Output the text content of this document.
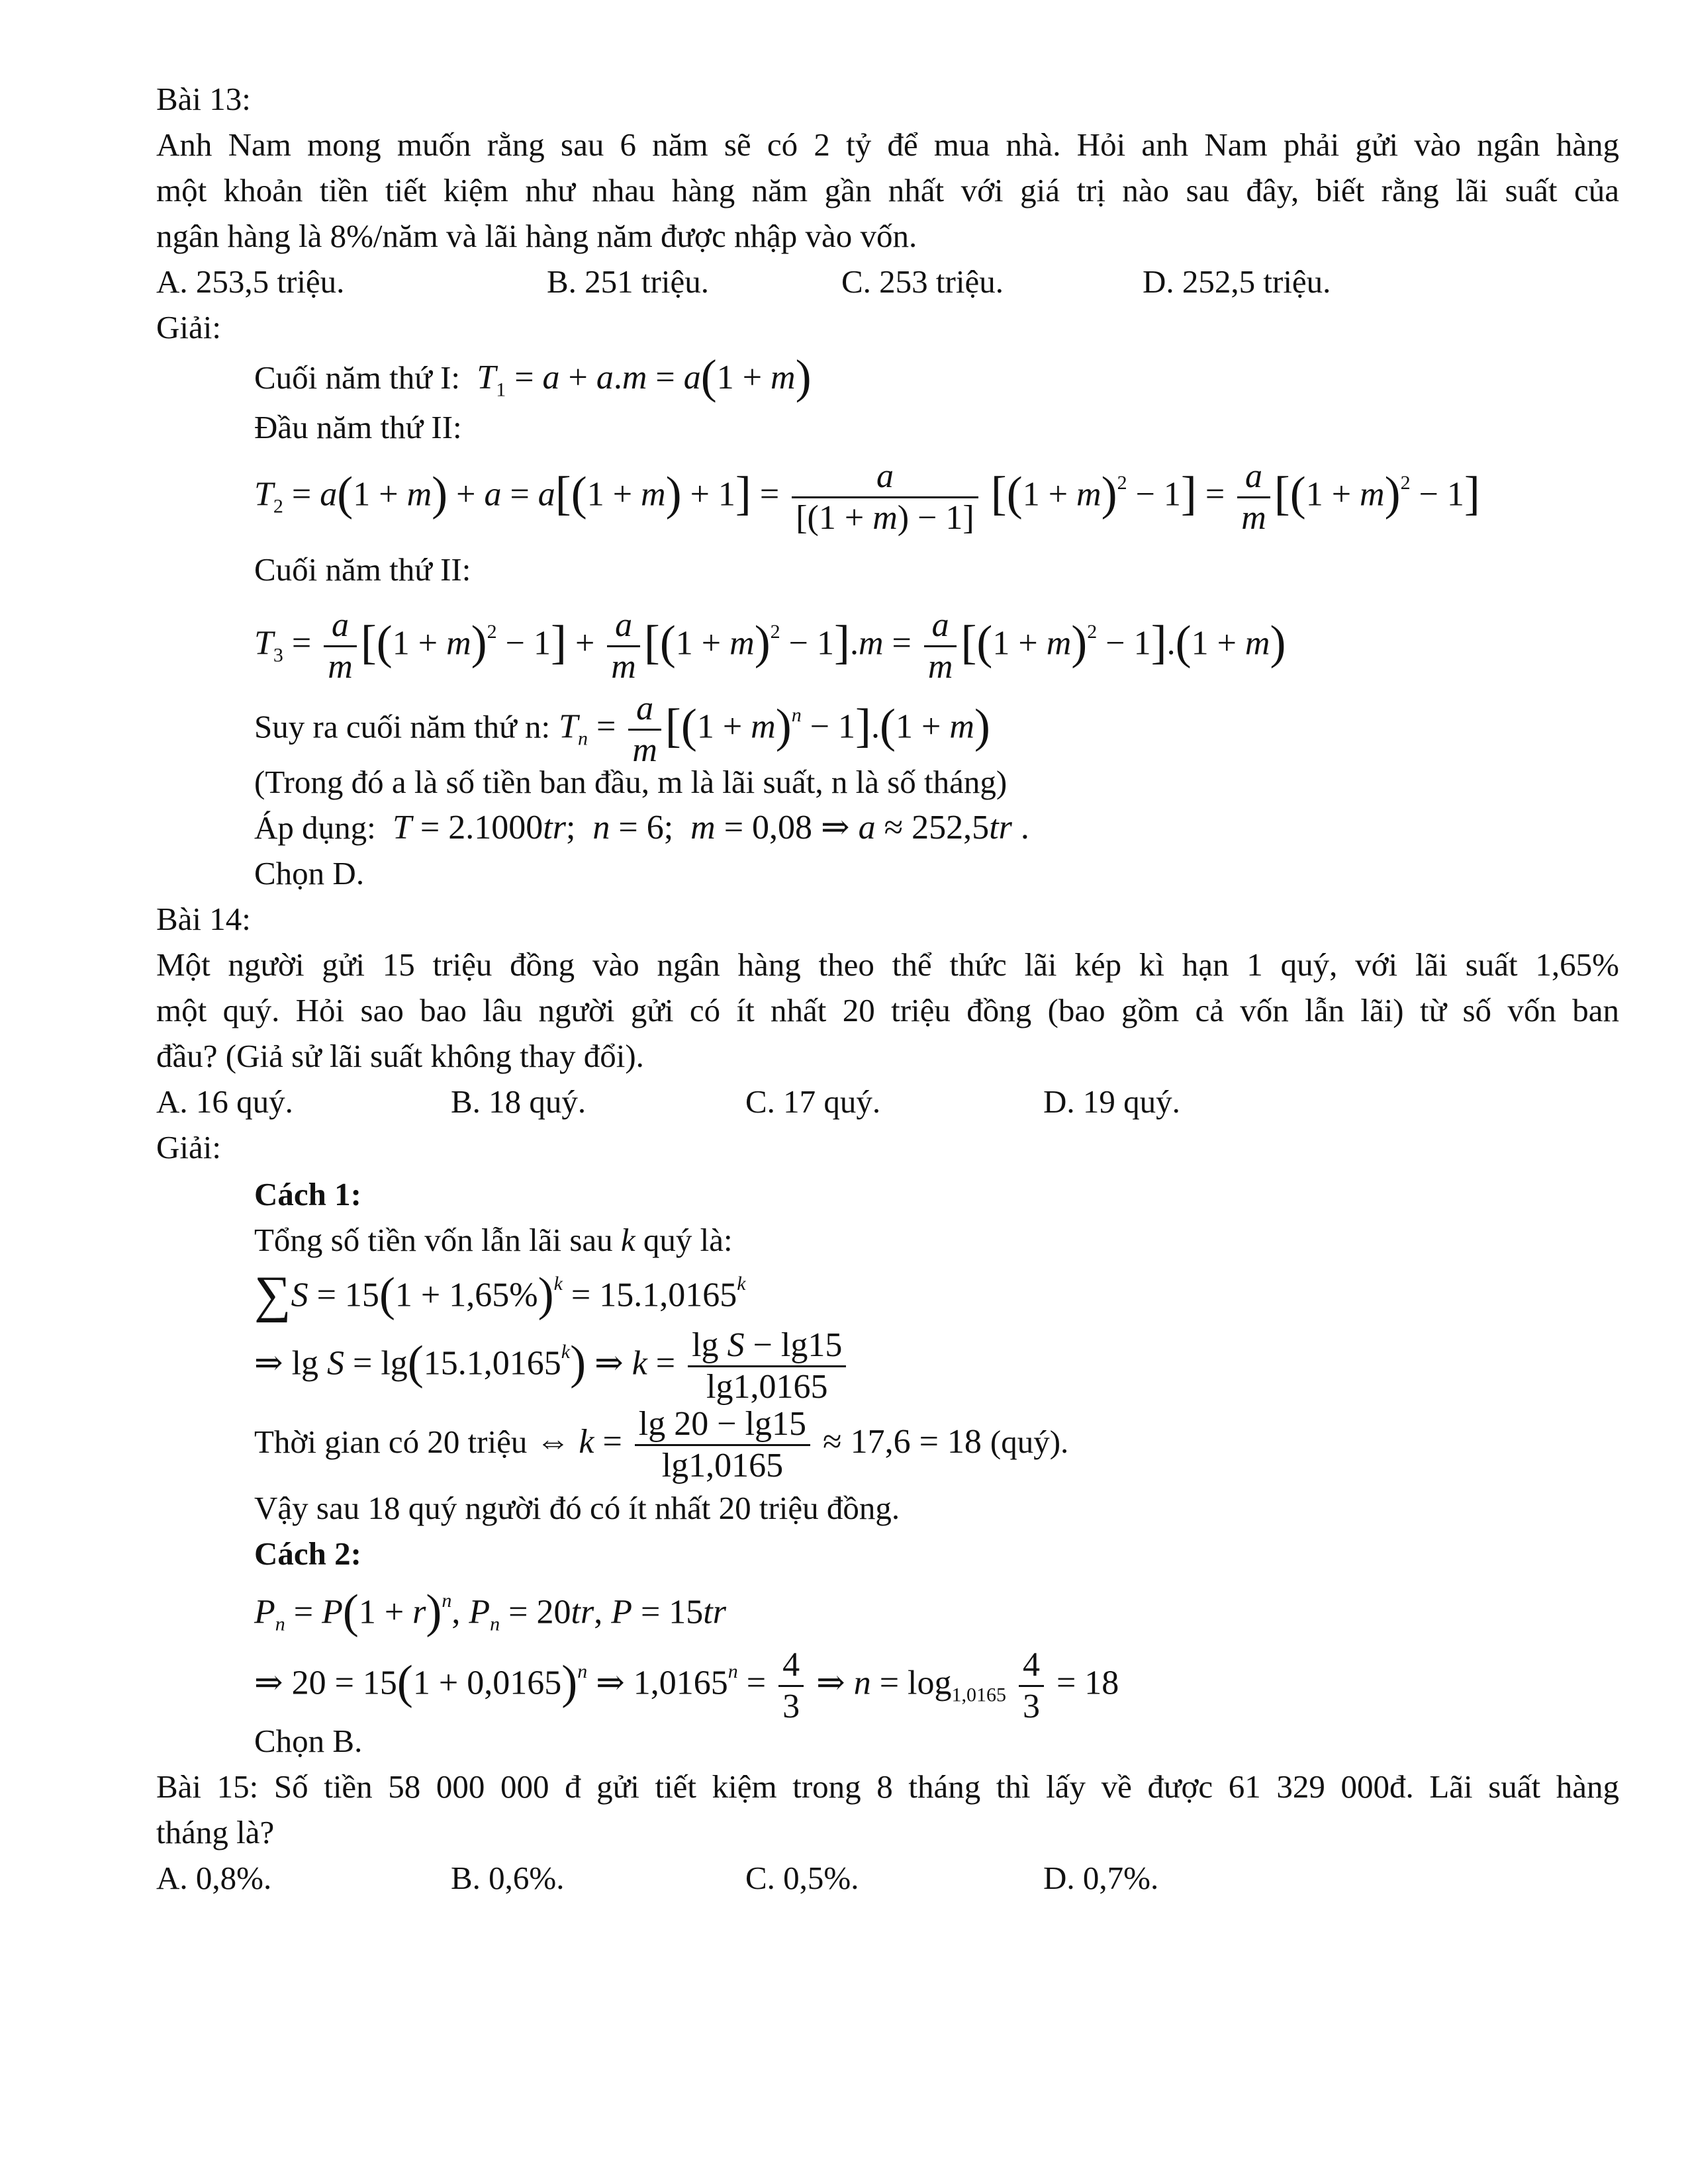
Bài 13:
Anh Nam mong muốn rằng sau 6 năm sẽ có 2 tỷ để mua nhà. Hỏi anh Nam phải gửi vào ngân hàng
một khoản tiền tiết kiệm như nhau hàng năm gần nhất với giá trị nào sau đây, biết rằng lãi suất của
ngân hàng là 8%/năm và lãi hàng năm được nhập vào vốn.
A. 253,5 triệu.	B. 251 triệu.	C. 253 triệu.	D. 252,5 triệu.
Giải:
Cuối năm thứ I: $T_1 = a + a.m = a(1 + m)$
Đầu năm thứ II:
$T_2 = a(1 + m) + a = a[(1 + m) + 1] = \frac{a}{[(1 + m) - 1]} [(1 + m)^2 - 1] = \frac{a}{m} [(1 + m)^2 - 1]$
Cuối năm thứ II:
$T_3 = \frac{a}{m} [(1 + m)^2 - 1] + \frac{a}{m} [(1 + m)^2 - 1].m = \frac{a}{m} [(1 + m)^2 - 1].(1 + m)$
Suy ra cuối năm thứ n: $T_n = \frac{a}{m} [(1 + m)^n - 1].(1 + m)$
(Trong đó a là số tiền ban đầu, m là lãi suất, n là số tháng)
Áp dụng: T = 2.1000tr;  n = 6;  m = 0,08 ⇒ a ≈ 252,5tr .
Chọn D.
Bài 14:
Một người gửi 15 triệu đồng vào ngân hàng theo thể thức lãi kép kì hạn 1 quý, với lãi suất 1,65%
một quý. Hỏi sao bao lâu người gửi có ít nhất 20 triệu đồng (bao gồm cả vốn lẫn lãi) từ số vốn ban
đầu? (Giả sử lãi suất không thay đổi).
A. 16 quý.	B. 18 quý.	C. 17 quý.	D. 19 quý.
Giải:
Cách 1:
Tổng số tiền vốn lẫn lãi sau k quý là:
$\sum S = 15(1 + 1,65\%)^k = 15.1,0165^k$
⇒ $\lg S = \lg(15.1,0165^k)$ ⇒ $k = \frac{\text{lg S − lg15}}{\lg 1,0165}$
Thời gian có 20 triệu ⇔ $k = \frac{\lg 20 - \lg 15}{\lg 1,0165} \approx 17,6 = 18$ (quý).
Vậy sau 18 quý người đó có ít nhất 20 triệu đồng.
Cách 2:
$P_n = P(1 + r)^n$, $P_n = 20tr$, P = 15tr
⇒ $20 = 15(1 + 0,0165)^n$ ⇒ $1,0165^n = \frac{4}{3}$ ⇒ $n = \log_{1,0165} \frac{4}{3} = 18$
Chọn B.
Bài 15: Số tiền 58 000 000 đ gửi tiết kiệm trong 8 tháng thì lấy về được 61 329 000đ. Lãi suất hàng
tháng là?
A. 0,8%.	B. 0,6%.	C. 0,5%.	D. 0,7%.
